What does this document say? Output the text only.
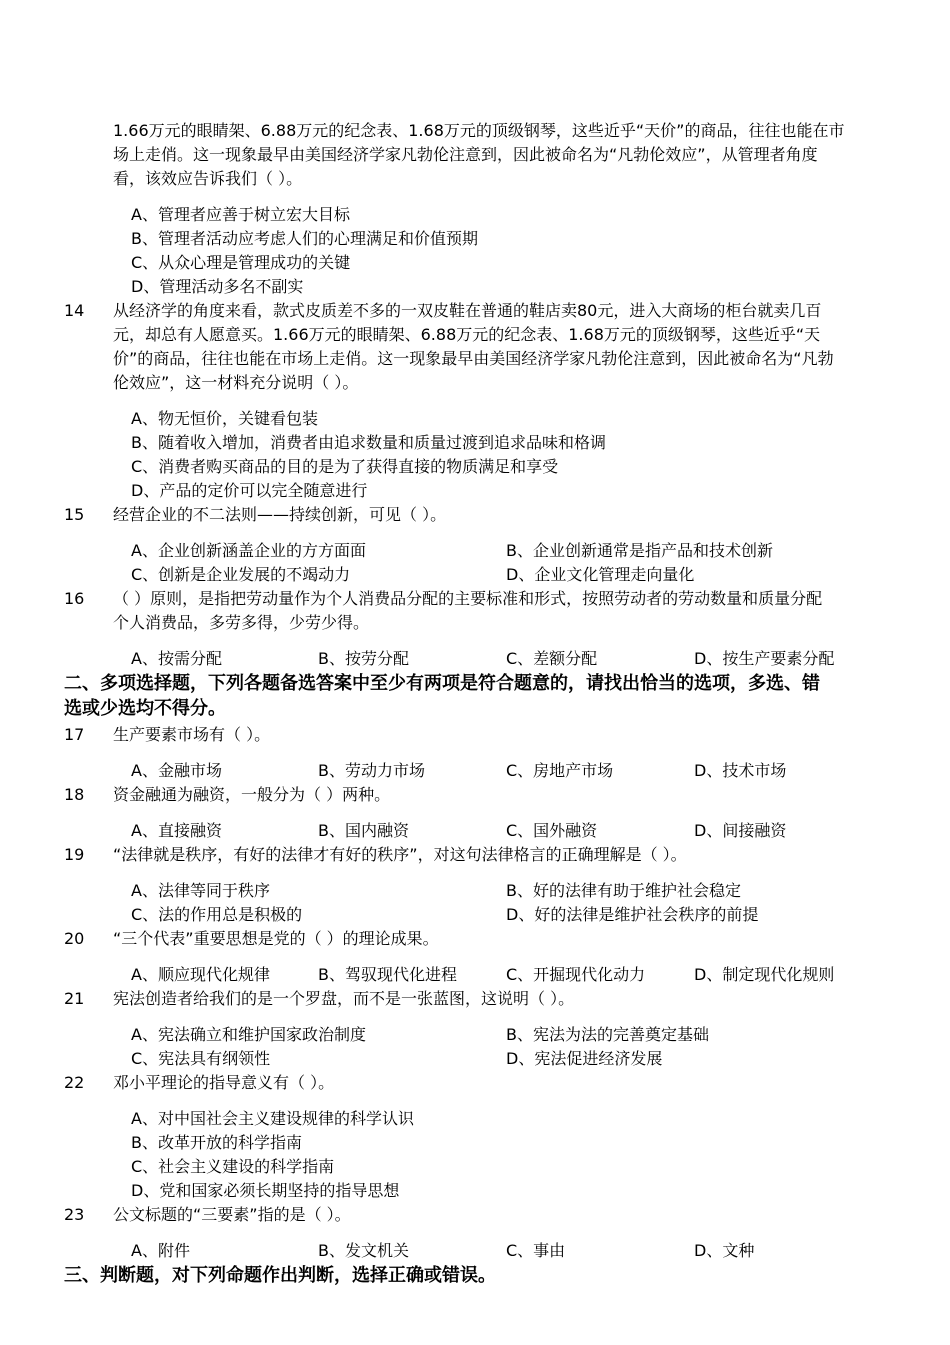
1.66万元的眼睛架、6.88万元的纪念表、1.68万元的顶级钢琴，这些近乎“天价”的商品，往往也能在市
场上走俏。这一现象最早由美国经济学家凡勃伦注意到，因此被命名为“凡勃伦效应”，从管理者角度
看，该效应告诉我们（ ）。
A、管理者应善于树立宏大目标
B、管理者活动应考虑人们的心理满足和价值预期
C、从众心理是管理成功的关键
D、管理活动多名不副实
14 从经济学的角度来看，款式皮质差不多的一双皮鞋在普通的鞋店卖80元，进入大商场的柜台就卖几百
元，却总有人愿意买。1.66万元的眼睛架、6.88万元的纪念表、1.68万元的顶级钢琴，这些近乎“天
价”的商品，往往也能在市场上走俏。这一现象最早由美国经济学家凡勃伦注意到，因此被命名为“凡勃
伦效应”，这一材料充分说明（ ）。
A、物无恒价，关键看包装
B、随着收入增加，消费者由追求数量和质量过渡到追求品味和格调
C、消费者购买商品的目的是为了获得直接的物质满足和享受
D、产品的定价可以完全随意进行
15 经营企业的不二法则——持续创新，可见（ ）。
A、企业创新涵盖企业的方方面面	B、企业创新通常是指产品和技术创新
C、创新是企业发展的不竭动力	D、企业文化管理走向量化
16 （ ）原则，是指把劳动量作为个人消费品分配的主要标准和形式，按照劳动者的劳动数量和质量分配
个人消费品，多劳多得，少劳少得。
A、按需分配	B、按劳分配	C、差额分配	D、按生产要素分配
二、多项选择题，下列各题备选答案中至少有两项是符合题意的，请找出恰当的选项，多选、错
选或少选均不得分。
17 生产要素市场有（ ）。
A、金融市场	B、劳动力市场	C、房地产市场	D、技术市场
18 资金融通为融资，一般分为（ ）两种。
A、直接融资	B、国内融资	C、国外融资	D、间接融资
19 “法律就是秩序，有好的法律才有好的秩序”，对这句法律格言的正确理解是（ ）。
A、法律等同于秩序	B、好的法律有助于维护社会稳定
C、法的作用总是积极的	D、好的法律是维护社会秩序的前提
20 “三个代表”重要思想是党的（ ）的理论成果。
A、顺应现代化规律	B、驾驭现代化进程	C、开掘现代化动力	D、制定现代化规则
21 宪法创造者给我们的是一个罗盘，而不是一张蓝图，这说明（ ）。
A、宪法确立和维护国家政治制度	B、宪法为法的完善奠定基础
C、宪法具有纲领性	D、宪法促进经济发展
22 邓小平理论的指导意义有（ ）。
A、对中国社会主义建设规律的科学认识
B、改革开放的科学指南
C、社会主义建设的科学指南
D、党和国家必须长期坚持的指导思想
23 公文标题的“三要素”指的是（ ）。
A、附件	B、发文机关	C、事由	D、文种
三、判断题，对下列命题作出判断，选择正确或错误。
